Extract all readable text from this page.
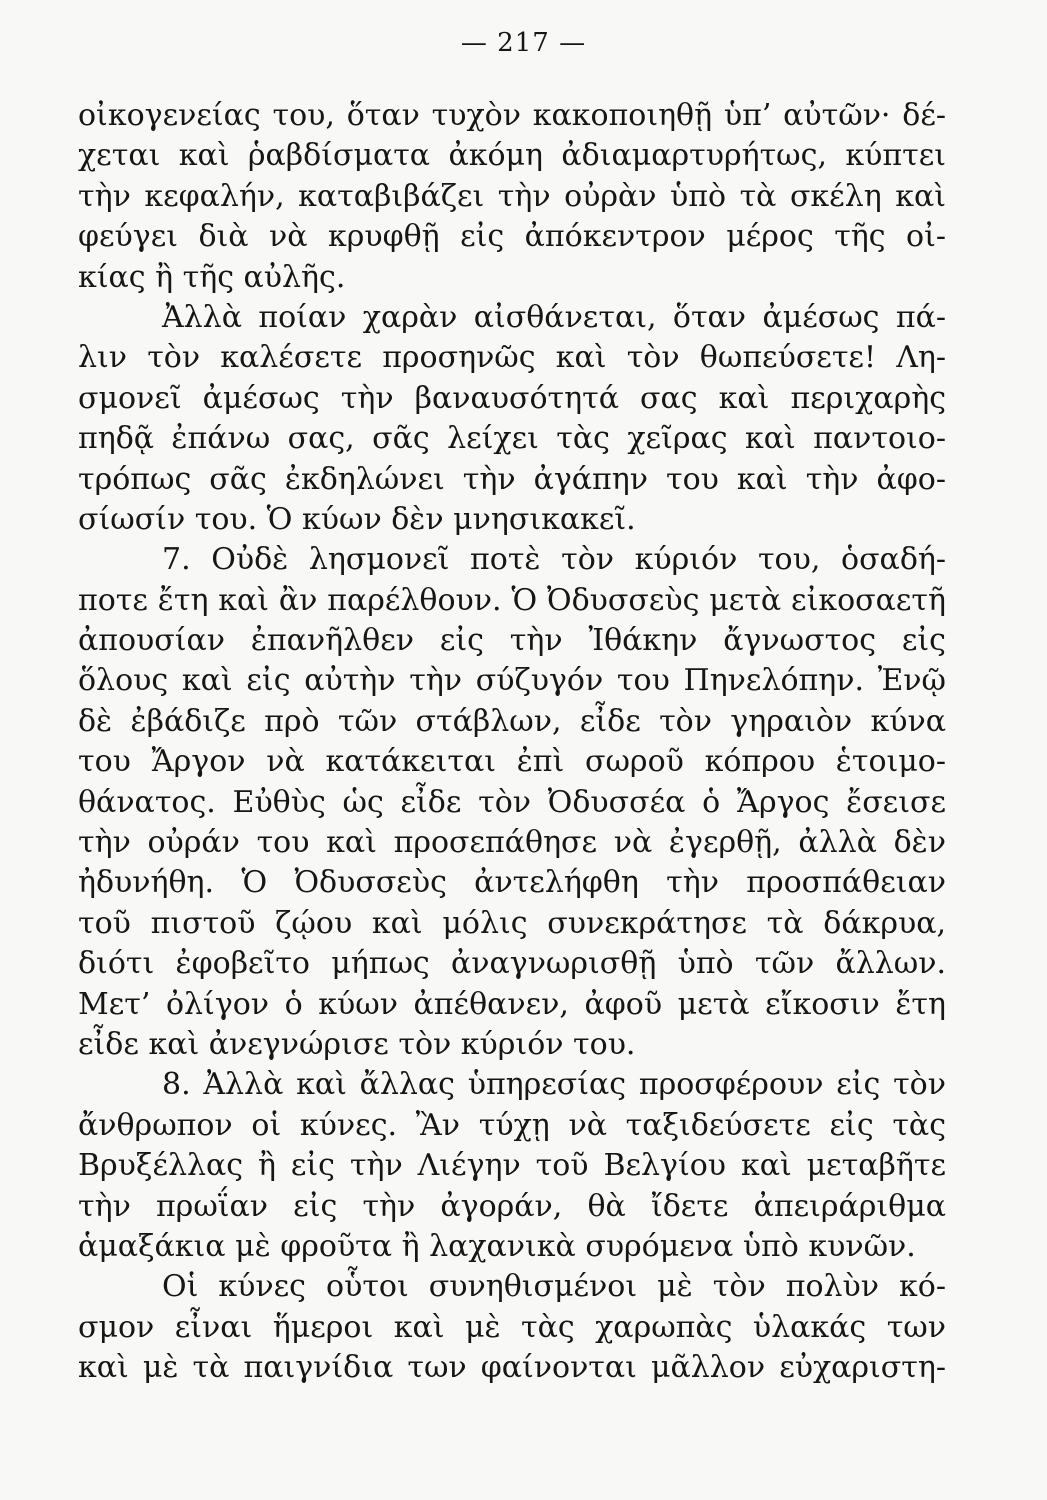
— 217 —
οἰκογενείας του, ὅταν τυχὸν κακοποιηθῇ ὑπ’ αὐτῶν· δέ-
χεται καὶ ῥαβδίσματα ἀκόμη ἀδιαμαρτυρήτως, κύπτει
τὴν κεφαλήν, καταβιβάζει τὴν οὐρὰν ὑπὸ τὰ σκέλη καὶ
φεύγει διὰ νὰ κρυφθῇ εἰς ἀπόκεντρον μέρος τῆς οἰ-
κίας ἢ τῆς αὐλῆς.
Ἀλλὰ ποίαν χαρὰν αἰσθάνεται, ὅταν ἀμέσως πά-
λιν τὸν καλέσετε προσηνῶς καὶ τὸν θωπεύσετε! Λη-
σμονεῖ ἀμέσως τὴν βαναυσότητά σας καὶ περιχαρὴς
πηδᾷ ἐπάνω σας, σᾶς λείχει τὰς χεῖρας καὶ παντοιο-
τρόπως σᾶς ἐκδηλώνει τὴν ἀγάπην του καὶ τὴν ἀφο-
σίωσίν του. Ὁ κύων δὲν μνησικακεῖ.
7. Οὐδὲ λησμονεῖ ποτὲ τὸν κύριόν του, ὁσαδή-
ποτε ἔτη καὶ ἂν παρέλθουν. Ὁ Ὀδυσσεὺς μετὰ εἰκοσαετῆ
ἀπουσίαν ἐπανῆλθεν εἰς τὴν Ἰθάκην ἄγνωστος εἰς
ὅλους καὶ εἰς αὐτὴν τὴν σύζυγόν του Πηνελόπην. Ἐνῷ
δὲ ἐβάδιζε πρὸ τῶν στάβλων, εἶδε τὸν γηραιὸν κύνα
του Ἄργον νὰ κατάκειται ἐπὶ σωροῦ κόπρου ἑτοιμο-
θάνατος. Εὐθὺς ὡς εἶδε τὸν Ὀδυσσέα ὁ Ἄργος ἔσεισε
τὴν οὐράν του καὶ προσεπάθησε νὰ ἐγερθῇ, ἀλλὰ δὲν
ἠδυνήθη. Ὁ Ὀδυσσεὺς ἀντελήφθη τὴν προσπάθειαν
τοῦ πιστοῦ ζῴου καὶ μόλις συνεκράτησε τὰ δάκρυα,
διότι ἐφοβεῖτο μήπως ἀναγνωρισθῇ ὑπὸ τῶν ἄλλων.
Μετ’ ὀλίγον ὁ κύων ἀπέθανεν, ἀφοῦ μετὰ εἴκοσιν ἔτη
εἶδε καὶ ἀνεγνώρισε τὸν κύριόν του.
8. Ἀλλὰ καὶ ἄλλας ὑπηρεσίας προσφέρουν εἰς τὸν
ἄνθρωπον οἱ κύνες. Ἂν τύχῃ νὰ ταξιδεύσετε εἰς τὰς
Βρυξέλλας ἢ εἰς τὴν Λιέγην τοῦ Βελγίου καὶ μεταβῆτε
τὴν πρωΐαν εἰς τὴν ἀγοράν, θὰ ἴδετε ἀπειράριθμα
ἁμαξάκια μὲ φροῦτα ἢ λαχανικὰ συρόμενα ὑπὸ κυνῶν.
Οἱ κύνες οὗτοι συνηθισμένοι μὲ τὸν πολὺν κό-
σμον εἶναι ἥμεροι καὶ μὲ τὰς χαρωπὰς ὑλακάς των
καὶ μὲ τὰ παιγνίδια των φαίνονται μᾶλλον εὐχαριστη-
